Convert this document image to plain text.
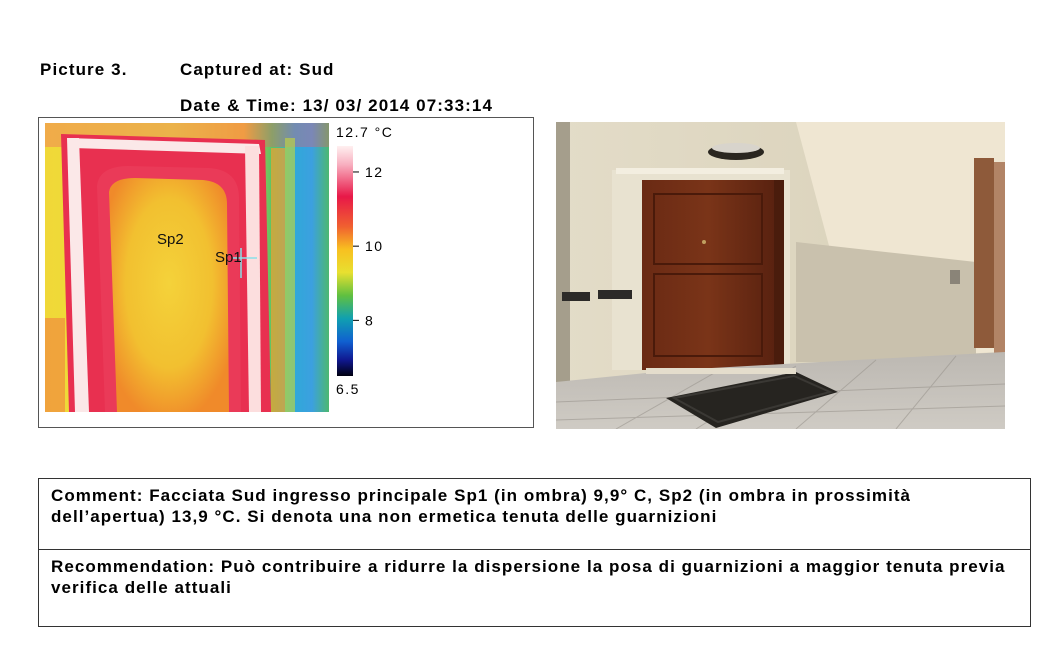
Picture 3.	Captured at: Sud
Date & Time: 13/ 03/ 2014 07:33:14
Sp2
Sp1
12
10
8
12.7 °C
6.5
Comment: Facciata Sud ingresso principale Sp1 (in ombra) 9,9° C, Sp2 (in ombra in prossimità dell’apertua) 13,9 °C. Si denota una non ermetica tenuta delle guarnizioni
Recommendation: Può contribuire a ridurre la dispersione la posa di guarnizioni a maggior tenuta previa verifica delle attuali
